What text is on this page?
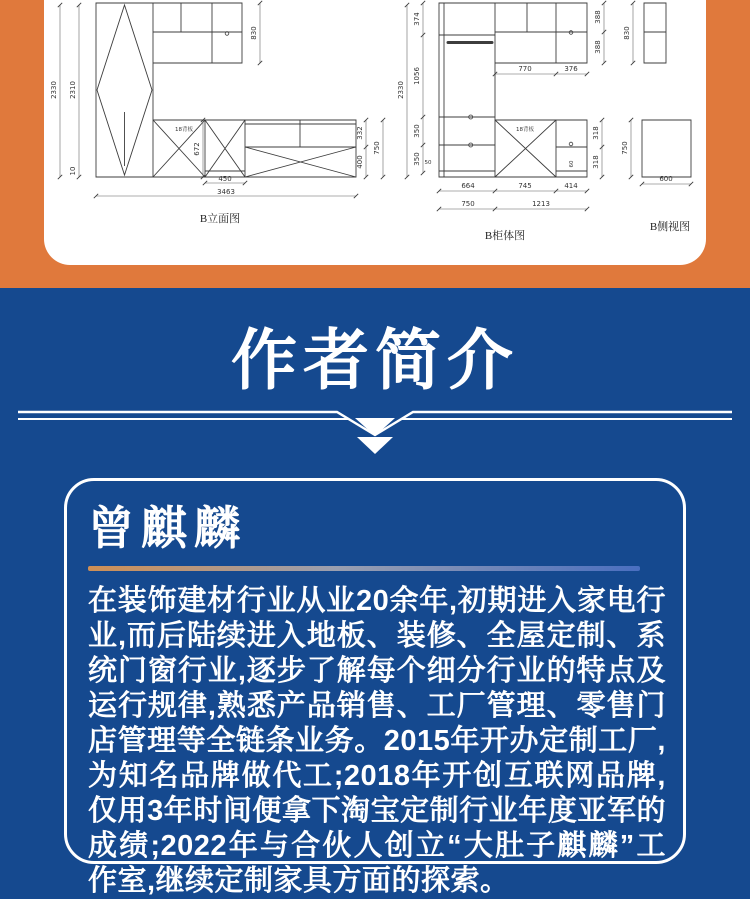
2330 2310
10
830
18背板
672
450
3463
332
400
750
2330
374
1056
350
350 50
770	376
388
388
830
18背板
60
318
318
750
600
664	745	414
750	1213
B立面图
B柜体图
B侧视图
作者简介
曾麒麟

在装饰建材行业从业20余年,初期进入家电行业,而后陆续进入地板、装修、全屋定制、系统门窗行业,逐步了解每个细分行业的特点及运行规律,熟悉产品销售、工厂管理、零售门店管理等全链条业务。2015年开办定制工厂,为知名品牌做代工;2018年开创互联网品牌,仅用3年时间便拿下淘宝定制行业年度亚军的成绩;2022年与合伙人创立“大肚子麒麟”工作室,继续定制家具方面的探索。
